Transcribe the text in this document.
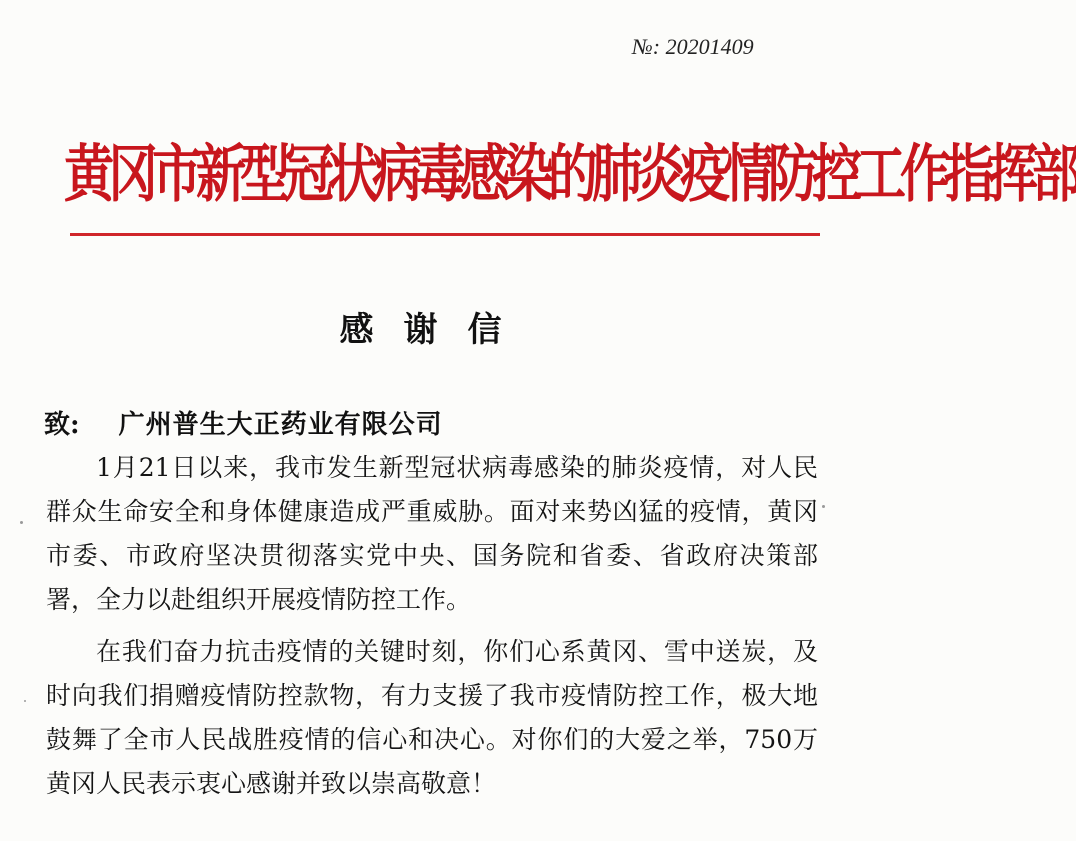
№: 20201409
黄冈市新型冠状病毒感染的肺炎疫情防控工作指挥部
感谢信
致: 广州普生大正药业有限公司

1月21日以来，我市发生新型冠状病毒感染的肺炎疫情，对人民群众生命安全和身体健康造成严重威胁。面对来势凶猛的疫情，黄冈市委、市政府坚决贯彻落实党中央、国务院和省委、省政府决策部署，全力以赴组织开展疫情防控工作。

在我们奋力抗击疫情的关键时刻，你们心系黄冈、雪中送炭，及时向我们捐赠疫情防控款物，有力支援了我市疫情防控工作，极大地鼓舞了全市人民战胜疫情的信心和决心。对你们的大爱之举，750万黄冈人民表示衷心感谢并致以崇高敬意！
